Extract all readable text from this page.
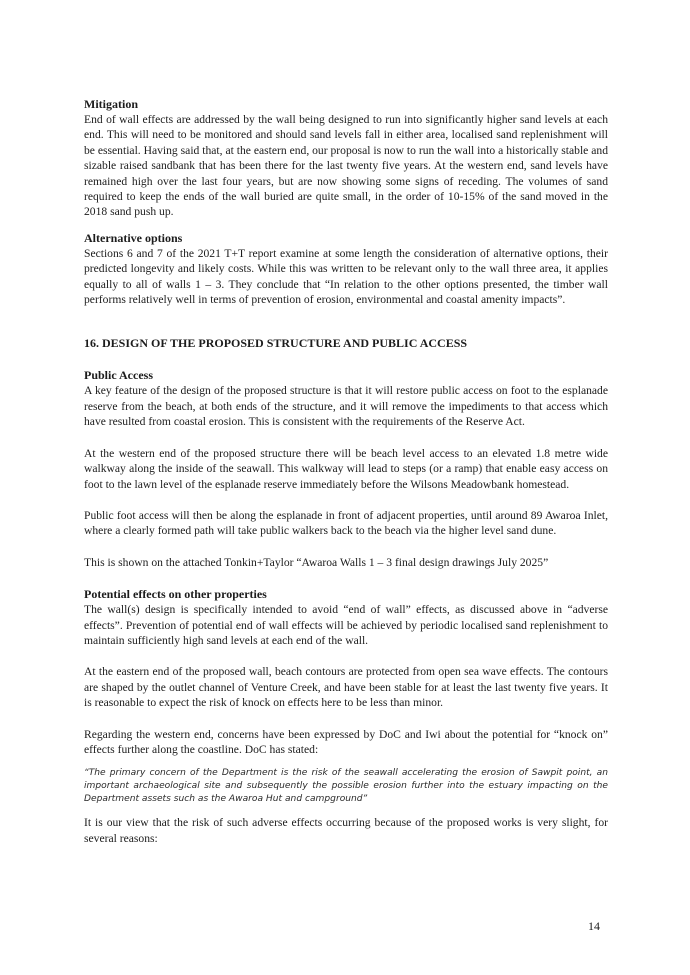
Mitigation

End of wall effects are addressed by the wall being designed to run into significantly higher sand levels at each end. This will need to be monitored and should sand levels fall in either area, localised sand replenishment will be essential. Having said that, at the eastern end, our proposal is now to run the wall into a historically stable and sizable raised sandbank that has been there for the last twenty five years. At the western end, sand levels have remained high over the last four years, but are now showing some signs of receding. The volumes of sand required to keep the ends of the wall buried are quite small, in the order of 10-15% of the sand moved in the 2018 sand push up.

Alternative options

Sections 6 and 7 of the 2021 T+T report examine at some length the consideration of alternative options, their predicted longevity and likely costs. While this was written to be relevant only to the wall three area, it applies equally to all of walls 1 – 3. They conclude that “In relation to the other options presented, the timber wall performs relatively well in terms of prevention of erosion, environmental and coastal amenity impacts”.

16. DESIGN OF THE PROPOSED STRUCTURE AND PUBLIC ACCESS

Public Access

A key feature of the design of the proposed structure is that it will restore public access on foot to the esplanade reserve from the beach, at both ends of the structure, and it will remove the impediments to that access which have resulted from coastal erosion. This is consistent with the requirements of the Reserve Act.

At the western end of the proposed structure there will be beach level access to an elevated 1.8 metre wide walkway along the inside of the seawall. This walkway will lead to steps (or a ramp) that enable easy access on foot to the lawn level of the esplanade reserve immediately before the Wilsons Meadowbank homestead.

Public foot access will then be along the esplanade in front of adjacent properties, until around 89 Awaroa Inlet, where a clearly formed path will take public walkers back to the beach via the higher level sand dune.

This is shown on the attached Tonkin+Taylor “Awaroa Walls 1 – 3 final design drawings July 2025”

Potential effects on other properties

The wall(s) design is specifically intended to avoid “end of wall” effects, as discussed above in “adverse effects”. Prevention of potential end of wall effects will be achieved by periodic localised sand replenishment to maintain sufficiently high sand levels at each end of the wall.

At the eastern end of the proposed wall, beach contours are protected from open sea wave effects. The contours are shaped by the outlet channel of Venture Creek, and have been stable for at least the last twenty five years. It is reasonable to expect the risk of knock on effects here to be less than minor.

Regarding the western end, concerns have been expressed by DoC and Iwi about the potential for “knock on” effects further along the coastline. DoC has stated:

“The primary concern of the Department is the risk of the seawall accelerating the erosion of Sawpit point, an important archaeological site and subsequently the possible erosion further into the estuary impacting on the Department assets such as the Awaroa Hut and campground”

It is our view that the risk of such adverse effects occurring because of the proposed works is very slight, for several reasons:

14
